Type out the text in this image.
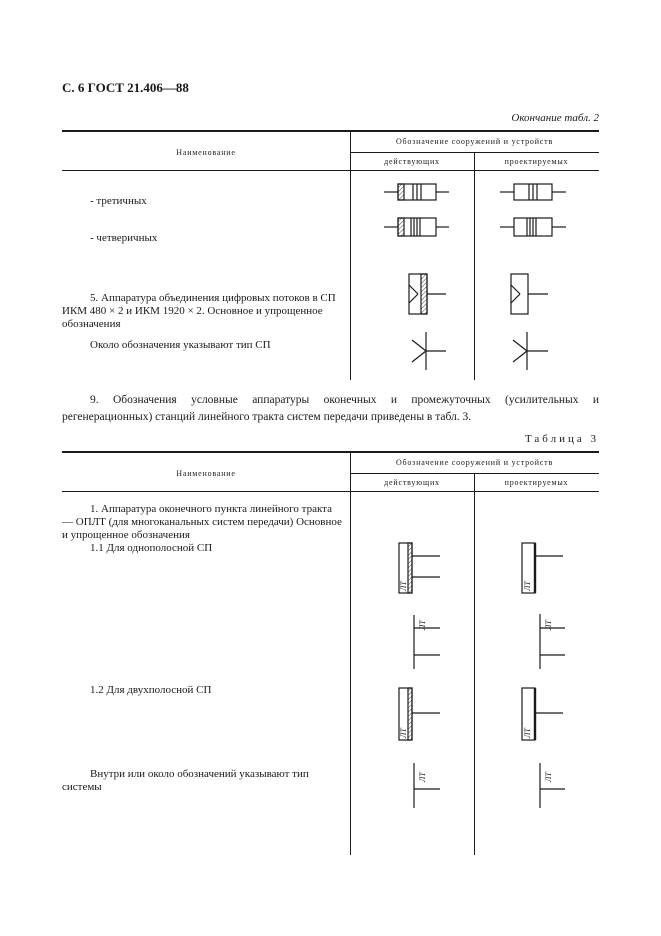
С. 6 ГОСТ 21.406—88
Окончание табл. 2
Наименование
Обозначение сооружений и устройств
действующих	проектируемых
- третичных
- четверичных
5. Аппаратура объединения цифровых потоков в СП ИКМ 480 × 2 и ИКМ 1920 × 2. Основное и упрощенное обозначения
Около обозначения указывают тип СП
9. Обозначения условные аппаратуры оконечных и промежуточных (усилительных и регенерационных) станций линейного тракта систем передачи приведены в табл. 3.
Таблица 3
Наименование
Обозначение сооружений и устройств
действующих	проектируемых
1. Аппаратура оконечного пункта линейного тракта — ОПЛТ (для многоканальных систем передачи) Основное и упрощенное обозначения
1.1 Для однополосной СП
1.2 Для двухполосной СП
Внутри или около обозначений указывают тип системы
ЛТ	ЛТ
ЛТ	ЛТ
ЛТ	ЛТ
ЛТ	ЛТ
